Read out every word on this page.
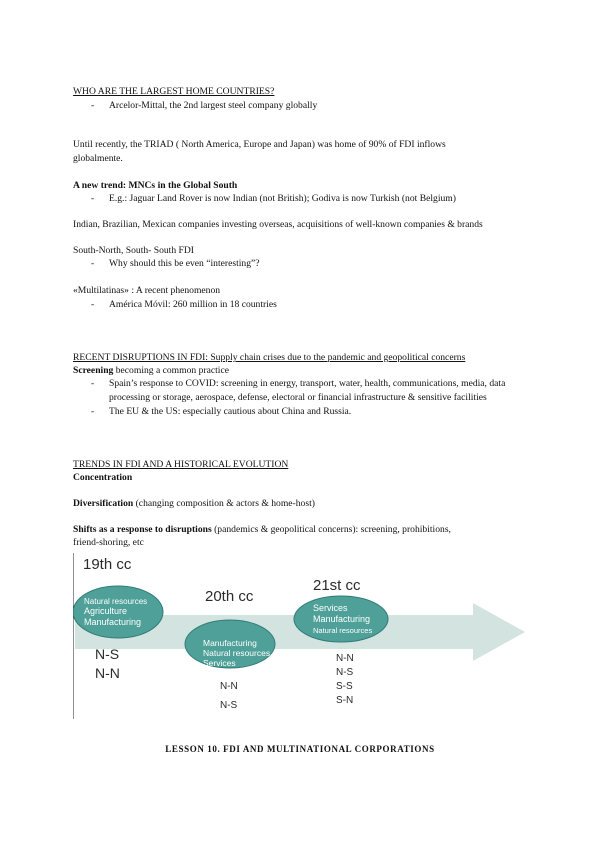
WHO ARE THE LARGEST HOME COUNTRIES?
- Arcelor-Mittal, the 2nd largest steel company globally
Until recently, the TRIAD ( North America, Europe and Japan) was home of 90% of FDI inflows
globalmente.
A new trend: MNCs in the Global South
- E.g.: Jaguar Land Rover is now Indian (not British); Godiva is now Turkish (not Belgium)
Indian, Brazilian, Mexican companies investing overseas, acquisitions of well-known companies & brands
South-North, South- South FDI
- Why should this be even “interesting”?
«Multilatinas» : A recent phenomenon
- América Móvil: 260 million in 18 countries
RECENT DISRUPTIONS IN FDI: Supply chain crises due to the pandemic and geopolitical concerns
Screening becoming a common practice
- Spain’s response to COVID: screening in energy, transport, water, health, communications, media, data
processing or storage, aerospace, defense, electoral or financial infrastructure & sensitive facilities
- The EU & the US: especially cautious about China and Russia.
TRENDS IN FDI AND A HISTORICAL EVOLUTION
Concentration
Diversification (changing composition & actors & home-host)
Shifts as a response to disruptions (pandemics & geopolitical concerns): screening, prohibitions,
friend-shoring, etc
19th cc
Natural resources
Agriculture
Manufacturing
N-S
N-N
20th cc
Manufacturing
Natural resources
Services
N-N
N-S
21st cc
Services
Manufacturing
Natural resources
N-N
N-S
S-S
S-N
LESSON 10. FDI AND MULTINATIONAL CORPORATIONS
